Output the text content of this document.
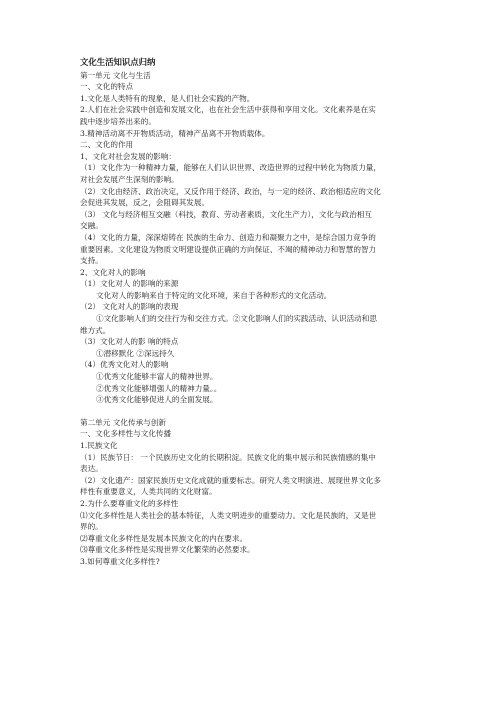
文化生活知识点归纳
第一单元 文化与生活
一、文化的特点
1.文化是人类特有的现象，是人们社会实践的产物。
2.人们在社会实践中创造和发展文化，也在社会生活中获得和享用文化。文化素养是在实
践中逐步培养出来的。
3.精神活动离不开物质活动，精神产品离不开物质载体。
二、文化的作用
1、文化对社会发展的影响：
（1）文化作为一种精神力量，能够在人们认识世界、改造世界的过程中转化为物质力量，
对社会发展产生深刻的影响。
（2）文化由经济、政治决定，又反作用于经济、政治，与一定的经济、政治相适应的文化
会促进其发展，反之，会阻碍其发展。
（3） 文化与经济相互交融（科技，教育、劳动者素质，文化生产力），文化与政治相互
交融。
（4）文化的力量，深深熔铸在 民族的生命力、创造力和凝聚力之中，是综合国力竞争的
重要因素。文化建设为物质文明建设提供正确的方向保证、不竭的精神动力和智慧的智力
支持。
2、文化对人的影响
（1）文化对人 的影响的来源
文化对人的影响来自于特定的文化环境，来自于各种形式的文化活动。
（2） 文化对人的影响的表现
①文化影响人们的交往行为和交往方式。②文化影响人们的实践活动、认识活动和思
维方式。
（3）文化对人的影 响的特点
①潜移默化 ②深远持久
（4）优秀文化对人的影响
①优秀文化能够丰富人的精神世界。
②优秀文化能够增强人的精神力量。。
③优秀文化能够促进人的全面发展。
第二单元 文化传承与创新
一、文化多样性与文化传播
1.民族文化
（1）民族节日： 一个民族历史文化的长期积淀。民族文化的集中展示和民族情感的集中
表达。
（2）文化遗产：国家民族历史文化成就的重要标志。研究人类文明演进、展现世界文化多
样性有重要意义，人类共同的文化财富。
2.为什么要尊重文化的多样性
⑴文化多样性是人类社会的基本特征，人类文明进步的重要动力。文化是民族的，又是世
界的。
⑵尊重文化多样性是发展本民族文化的内在要求。
⑶尊重文化多样性是实现世界文化繁荣的必然要求。
3.如何尊重文化多样性?
